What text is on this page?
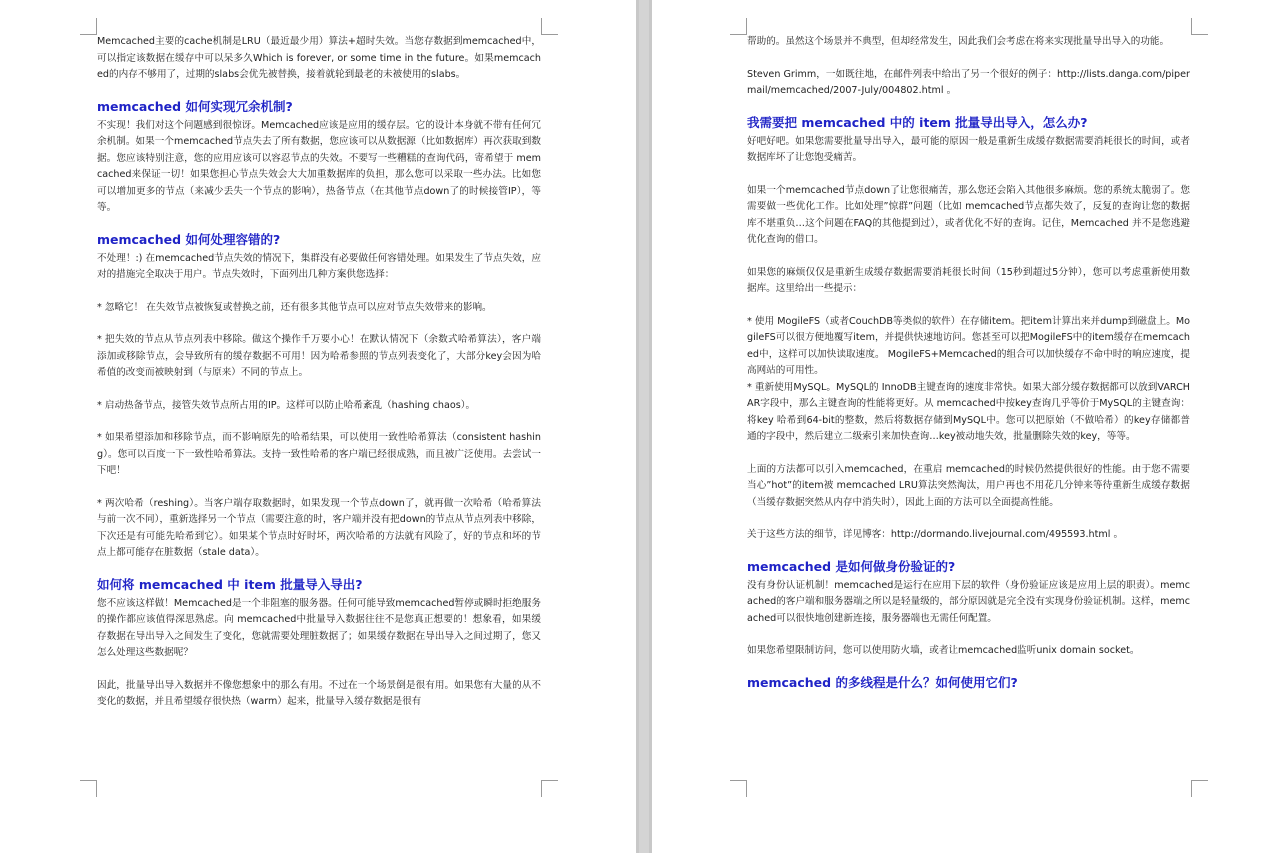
Memcached主要的cache机制是LRU（最近最少用）算法+超时失效。当您存数据到memcached中，可以指定该数据在缓存中可以呆多久Which is forever, or some time in the future。如果memcached的内存不够用了，过期的slabs会优先被替换，接着就轮到最老的未被使用的slabs。

memcached 如何实现冗余机制?

不实现！我们对这个问题感到很惊讶。Memcached应该是应用的缓存层。它的设计本身就不带有任何冗余机制。如果一个memcached节点失去了所有数据，您应该可以从数据源（比如数据库）再次获取到数据。您应该特别注意，您的应用应该可以容忍节点的失效。不要写一些糟糕的查询代码，寄希望于 memcached来保证一切！如果您担心节点失效会大大加重数据库的负担，那么您可以采取一些办法。比如您可以增加更多的节点（来减少丢失一个节点的影响），热备节点（在其他节点down了的时候接管IP），等等。

memcached 如何处理容错的?

不处理！:) 在memcached节点失效的情况下，集群没有必要做任何容错处理。如果发生了节点失效，应对的措施完全取决于用户。节点失效时，下面列出几种方案供您选择：

* 忽略它！ 在失效节点被恢复或替换之前，还有很多其他节点可以应对节点失效带来的影响。

* 把失效的节点从节点列表中移除。做这个操作千万要小心！在默认情况下（余数式哈希算法），客户端添加或移除节点，会导致所有的缓存数据不可用！因为哈希参照的节点列表变化了，大部分key会因为哈希值的改变而被映射到（与原来）不同的节点上。

* 启动热备节点，接管失效节点所占用的IP。这样可以防止哈希紊乱（hashing chaos）。

* 如果希望添加和移除节点，而不影响原先的哈希结果，可以使用一致性哈希算法（consistent hashing）。您可以百度一下一致性哈希算法。支持一致性哈希的客户端已经很成熟，而且被广泛使用。去尝试一下吧！

* 两次哈希（reshing）。当客户端存取数据时，如果发现一个节点down了，就再做一次哈希（哈希算法与前一次不同），重新选择另一个节点（需要注意的时，客户端并没有把down的节点从节点列表中移除，下次还是有可能先哈希到它）。如果某个节点时好时坏，两次哈希的方法就有风险了，好的节点和坏的节点上都可能存在脏数据（stale data）。

如何将 memcached 中 item 批量导入导出?

您不应该这样做！Memcached是一个非阻塞的服务器。任何可能导致memcached暂停或瞬时拒绝服务的操作都应该值得深思熟虑。向 memcached中批量导入数据往往不是您真正想要的！想象看，如果缓存数据在导出导入之间发生了变化，您就需要处理脏数据了；如果缓存数据在导出导入之间过期了，您又怎么处理这些数据呢？

因此，批量导出导入数据并不像您想象中的那么有用。不过在一个场景倒是很有用。如果您有大量的从不变化的数据，并且希望缓存很快热（warm）起来，批量导入缓存数据是很有

帮助的。虽然这个场景并不典型，但却经常发生，因此我们会考虑在将来实现批量导出导入的功能。

Steven Grimm，一如既往地，在邮件列表中给出了另一个很好的例子：http://lists.danga.com/pipermail/memcached/2007-July/004802.html 。

我需要把 memcached 中的 item 批量导出导入，怎么办?

好吧好吧。如果您需要批量导出导入，最可能的原因一般是重新生成缓存数据需要消耗很长的时间，或者数据库坏了让您饱受痛苦。

如果一个memcached节点down了让您很痛苦，那么您还会陷入其他很多麻烦。您的系统太脆弱了。您需要做一些优化工作。比如处理”惊群”问题（比如 memcached节点都失效了，反复的查询让您的数据库不堪重负…这个问题在FAQ的其他提到过），或者优化不好的查询。记住，Memcached 并不是您逃避优化查询的借口。

如果您的麻烦仅仅是重新生成缓存数据需要消耗很长时间（15秒到超过5分钟），您可以考虑重新使用数据库。这里给出一些提示：

* 使用 MogileFS（或者CouchDB等类似的软件）在存储item。把item计算出来并dump到磁盘上。MogileFS可以很方便地覆写item，并提供快速地访问。您甚至可以把MogileFS中的item缓存在memcached中，这样可以加快读取速度。 MogileFS+Memcached的组合可以加快缓存不命中时的响应速度，提高网站的可用性。
* 重新使用MySQL。MySQL的 InnoDB主键查询的速度非常快。如果大部分缓存数据都可以放到VARCHAR字段中，那么主键查询的性能将更好。从 memcached中按key查询几乎等价于MySQL的主键查询：将key 哈希到64-bit的整数，然后将数据存储到MySQL中。您可以把原始（不做哈希）的key存储都普通的字段中，然后建立二级索引来加快查询…key被动地失效，批量删除失效的key，等等。

上面的方法都可以引入memcached，在重启 memcached的时候仍然提供很好的性能。由于您不需要当心”hot”的item被 memcached LRU算法突然淘汰，用户再也不用花几分钟来等待重新生成缓存数据（当缓存数据突然从内存中消失时），因此上面的方法可以全面提高性能。

关于这些方法的细节，详见博客：http://dormando.livejournal.com/495593.html 。

memcached 是如何做身份验证的?

没有身份认证机制！memcached是运行在应用下层的软件（身份验证应该是应用上层的职责）。memcached的客户端和服务器端之所以是轻量级的，部分原因就是完全没有实现身份验证机制。这样，memcached可以很快地创建新连接，服务器端也无需任何配置。

如果您希望限制访问，您可以使用防火墙，或者让memcached监听unix domain socket。

memcached 的多线程是什么？如何使用它们?
